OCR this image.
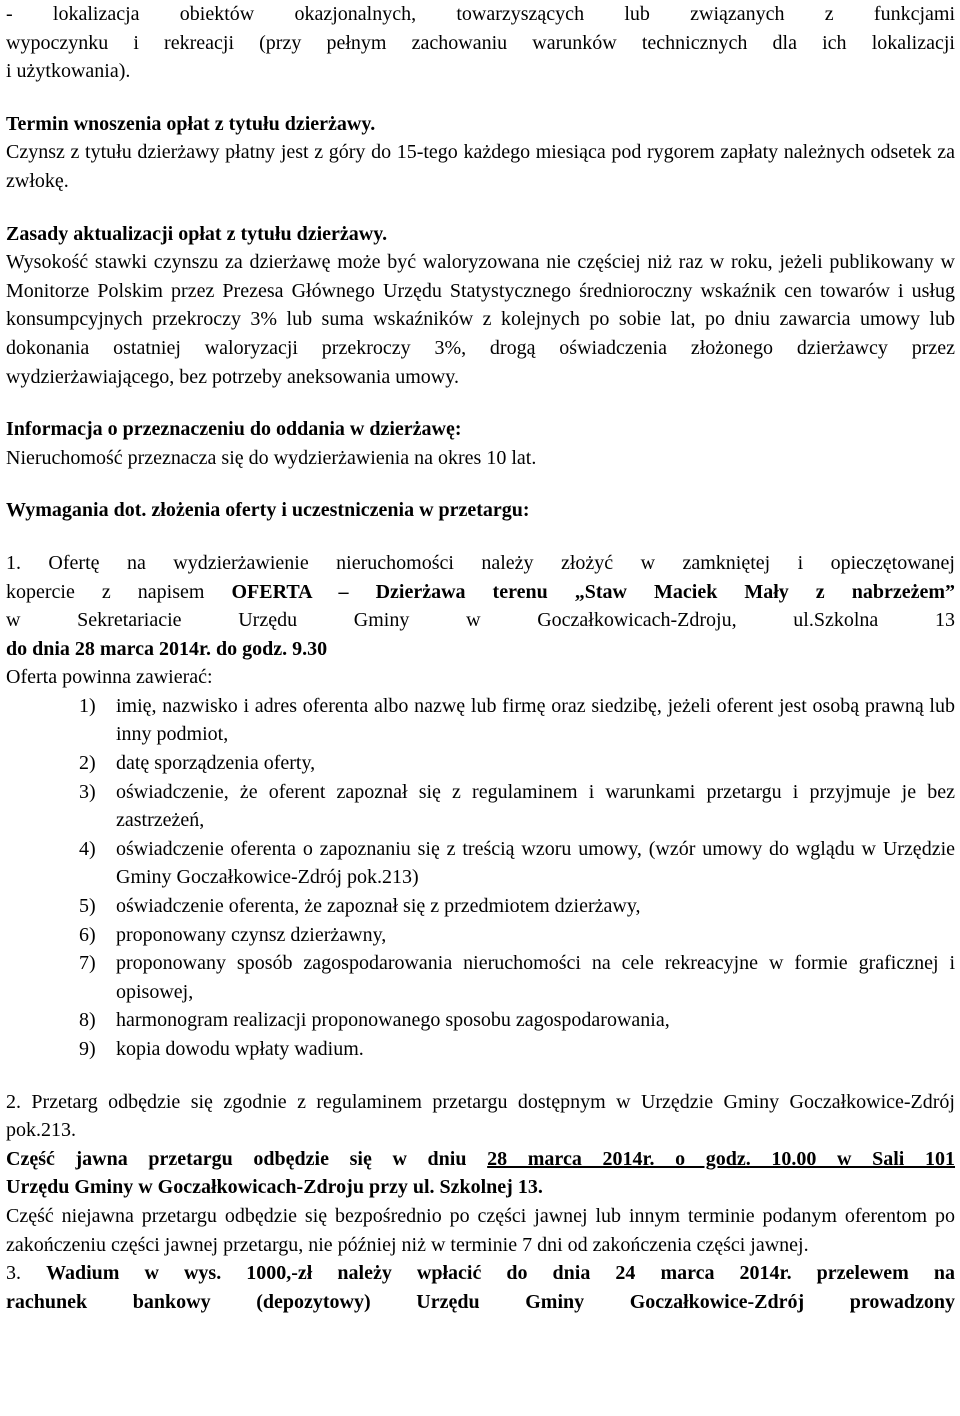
- lokalizacja obiektów okazjonalnych, towarzyszących lub związanych z funkcjami

wypoczynku i rekreacji (przy pełnym zachowaniu warunków technicznych dla ich lokalizacji

i użytkowania).

Termin wnoszenia opłat z tytułu dzierżawy.

Czynsz z tytułu dzierżawy płatny jest z góry do 15-tego każdego miesiąca pod rygorem zapłaty należnych odsetek za zwłokę.

Zasady aktualizacji opłat z tytułu dzierżawy.

Wysokość stawki czynszu za dzierżawę może być waloryzowana nie częściej niż raz w roku, jeżeli publikowany w Monitorze Polskim przez Prezesa Głównego Urzędu Statystycznego średnioroczny wskaźnik cen towarów i usług konsumpcyjnych przekroczy 3% lub suma wskaźników z kolejnych po sobie lat, po dniu zawarcia umowy lub dokonania ostatniej waloryzacji przekroczy 3%, drogą oświadczenia złożonego dzierżawcy przez wydzierżawiającego, bez potrzeby aneksowania umowy.

Informacja o przeznaczeniu do oddania w dzierżawę:

Nieruchomość przeznacza się do wydzierżawienia na okres 10 lat.

Wymagania dot. złożenia oferty i uczestniczenia w przetargu:

1. Ofertę na wydzierżawienie nieruchomości należy złożyć w zamkniętej i opieczętowanej

kopercie z napisem OFERTA – Dzierżawa terenu „Staw Maciek Mały z nabrzeżem”

w Sekretariacie Urzędu Gminy w Goczałkowicach-Zdroju, ul.Szkolna 13

do dnia 28 marca 2014r. do godz. 9.30

Oferta powinna zawierać:

1) imię, nazwisko i adres oferenta albo nazwę lub firmę oraz siedzibę, jeżeli oferent jest osobą prawną lub inny podmiot,
2) datę sporządzenia oferty,
3) oświadczenie, że oferent zapoznał się z regulaminem i warunkami przetargu i przyjmuje je bez zastrzeżeń,
4) oświadczenie oferenta o zapoznaniu się z treścią wzoru umowy, (wzór umowy do wglądu w Urzędzie Gminy Goczałkowice-Zdrój pok.213)
5) oświadczenie oferenta, że zapoznał się z przedmiotem dzierżawy,
6) proponowany czynsz dzierżawny,
7) proponowany sposób zagospodarowania nieruchomości na cele rekreacyjne w formie graficznej i opisowej,
8) harmonogram realizacji proponowanego sposobu zagospodarowania,
9) kopia dowodu wpłaty wadium.

2. Przetarg odbędzie się zgodnie z regulaminem przetargu dostępnym w Urzędzie Gminy Goczałkowice-Zdrój pok.213.

Część jawna przetargu odbędzie się w dniu 28 marca 2014r. o godz. 10.00 w Sali 101

Urzędu Gminy w Goczałkowicach-Zdroju przy ul. Szkolnej 13.

Część niejawna przetargu odbędzie się bezpośrednio po części jawnej lub innym terminie podanym oferentom po zakończeniu części jawnej przetargu, nie później niż w terminie 7 dni od zakończenia części jawnej.

3. Wadium w wys. 1000,-zł należy wpłacić do dnia 24 marca 2014r. przelewem na

rachunek bankowy (depozytowy) Urzędu Gminy Goczałkowice-Zdrój prowadzony
